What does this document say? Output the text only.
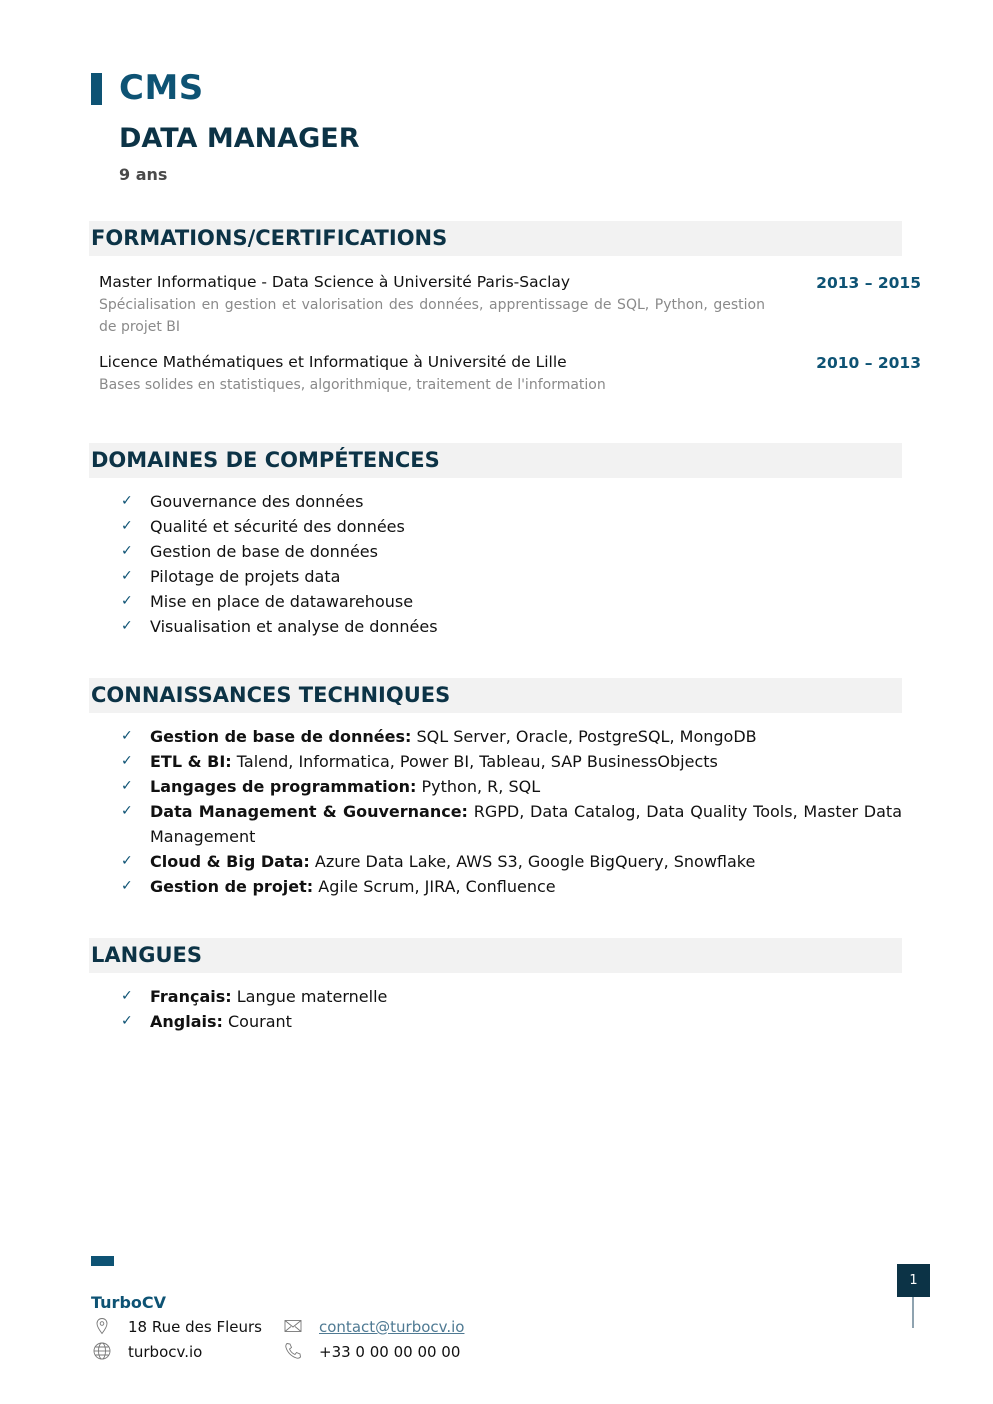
CMS
DATA MANAGER
9 ans
FORMATIONS/CERTIFICATIONS
Master Informatique - Data Science à Université Paris-Saclay	2013 – 2015
Spécialisation en gestion et valorisation des données, apprentissage de SQL, Python, gestion de projet BI
Licence Mathématiques et Informatique à Université de Lille	2010 – 2013
Bases solides en statistiques, algorithmique, traitement de l'information
DOMAINES DE COMPÉTENCES
✓ Gouvernance des données
✓ Qualité et sécurité des données
✓ Gestion de base de données
✓ Pilotage de projets data
✓ Mise en place de datawarehouse
✓ Visualisation et analyse de données
CONNAISSANCES TECHNIQUES
✓ Gestion de base de données: SQL Server, Oracle, PostgreSQL, MongoDB
✓ ETL & BI: Talend, Informatica, Power BI, Tableau, SAP BusinessObjects
✓ Langages de programmation: Python, R, SQL
✓ Data Management & Gouvernance: RGPD, Data Catalog, Data Quality Tools, Master Data Management
✓ Cloud & Big Data: Azure Data Lake, AWS S3, Google BigQuery, Snowflake
✓ Gestion de projet: Agile Scrum, JIRA, Confluence
LANGUES
✓ Français: Langue maternelle
✓ Anglais: Courant
TurboCV
18 Rue des Fleurs
turbocv.io
contact@turbocv.io
+33 0 00 00 00 00
1
